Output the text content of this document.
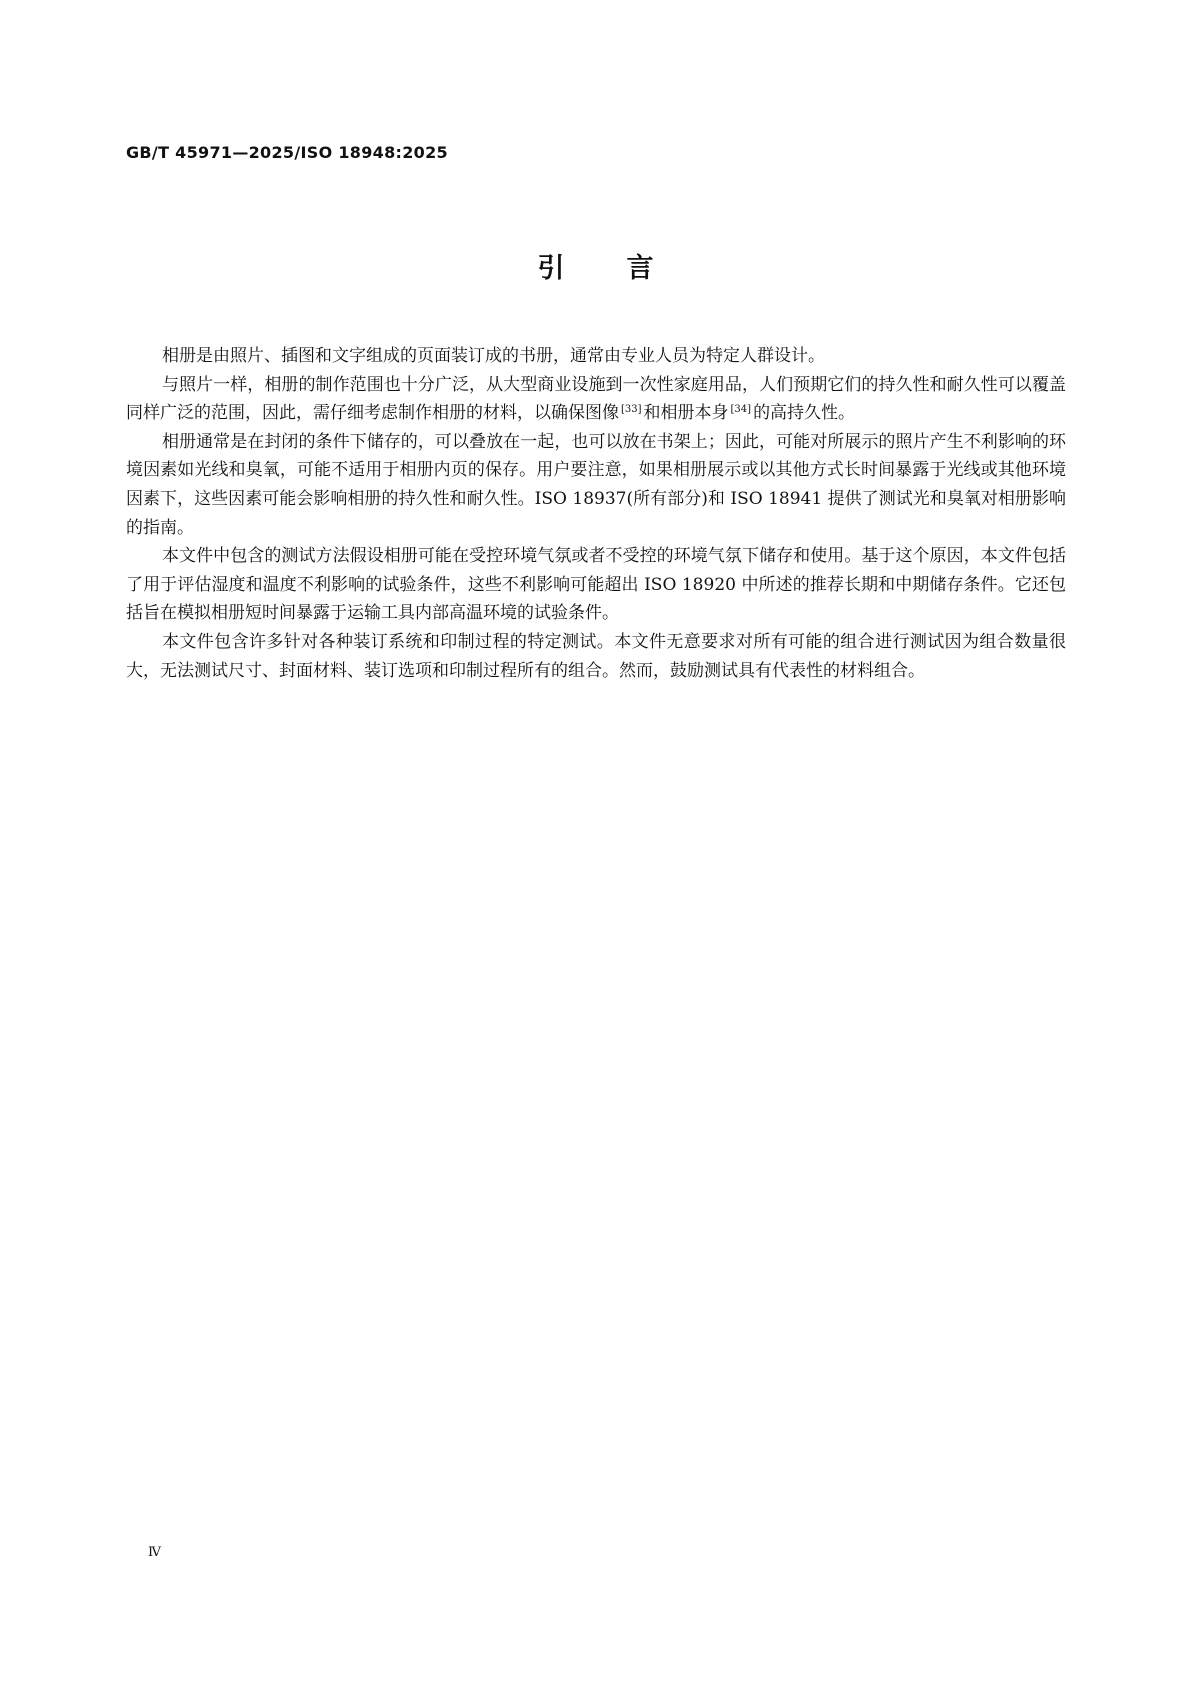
GB/T 45971—2025/ISO 18948:2025
引言

相册是由照片、插图和文字组成的页面装订成的书册，通常由专业人员为特定人群设计。

与照片一样，相册的制作范围也十分广泛，从大型商业设施到一次性家庭用品，人们预期它们的持久性和耐久性可以覆盖同样广泛的范围，因此，需仔细考虑制作相册的材料，以确保图像 [33] 和相册本身 [34] 的高持久性。

相册通常是在封闭的条件下储存的，可以叠放在一起，也可以放在书架上；因此，可能对所展示的照片产生不利影响的环境因素如光线和臭氧，可能不适用于相册内页的保存。用户要注意，如果相册展示或以其他方式长时间暴露于光线或其他环境因素下，这些因素可能会影响相册的持久性和耐久性。ISO 18937(所有部分)和 ISO 18941 提供了测试光和臭氧对相册影响的指南。

本文件中包含的测试方法假设相册可能在受控环境气氛或者不受控的环境气氛下储存和使用。基于这个原因，本文件包括了用于评估湿度和温度不利影响的试验条件，这些不利影响可能超出 ISO 18920 中所述的推荐长期和中期储存条件。它还包括旨在模拟相册短时间暴露于运输工具内部高温环境的试验条件。

本文件包含许多针对各种装订系统和印制过程的特定测试。本文件无意要求对所有可能的组合进行测试因为组合数量很大，无法测试尺寸、封面材料、装订选项和印制过程所有的组合。然而，鼓励测试具有代表性的材料组合。

Ⅳ
